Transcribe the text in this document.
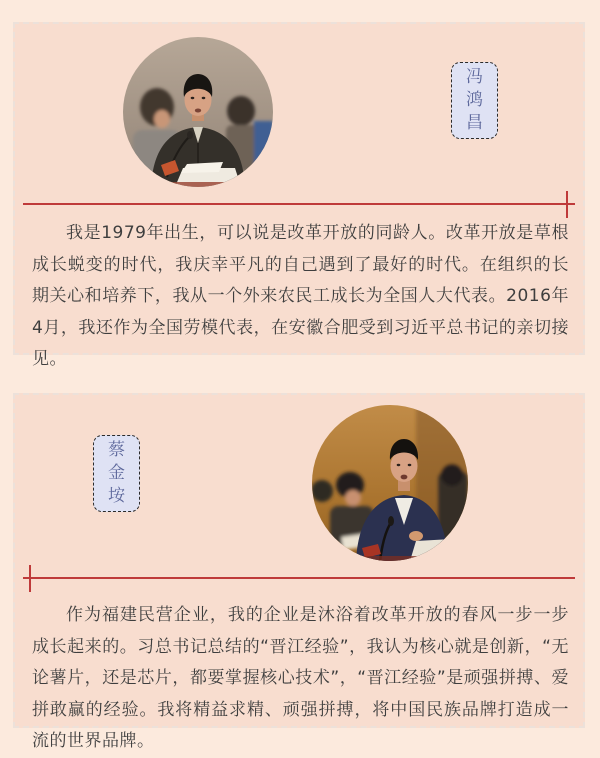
冯
鸿
昌

我是1979年出生，可以说是改革开放的同龄人。改革开放是草根成长蜕变的时代，我庆幸平凡的自己遇到了最好的时代。在组织的长期关心和培养下，我从一个外来农民工成长为全国人大代表。2016年4月，我还作为全国劳模代表，在安徽合肥受到习近平总书记的亲切接见。

蔡
金
垵

作为福建民营企业，我的企业是沐浴着改革开放的春风一步一步成长起来的。习总书记总结的“晋江经验”，我认为核心就是创新，“无论薯片，还是芯片，都要掌握核心技术”，“晋江经验”是顽强拼搏、爱拼敢赢的经验。我将精益求精、顽强拼搏，将中国民族品牌打造成一流的世界品牌。
